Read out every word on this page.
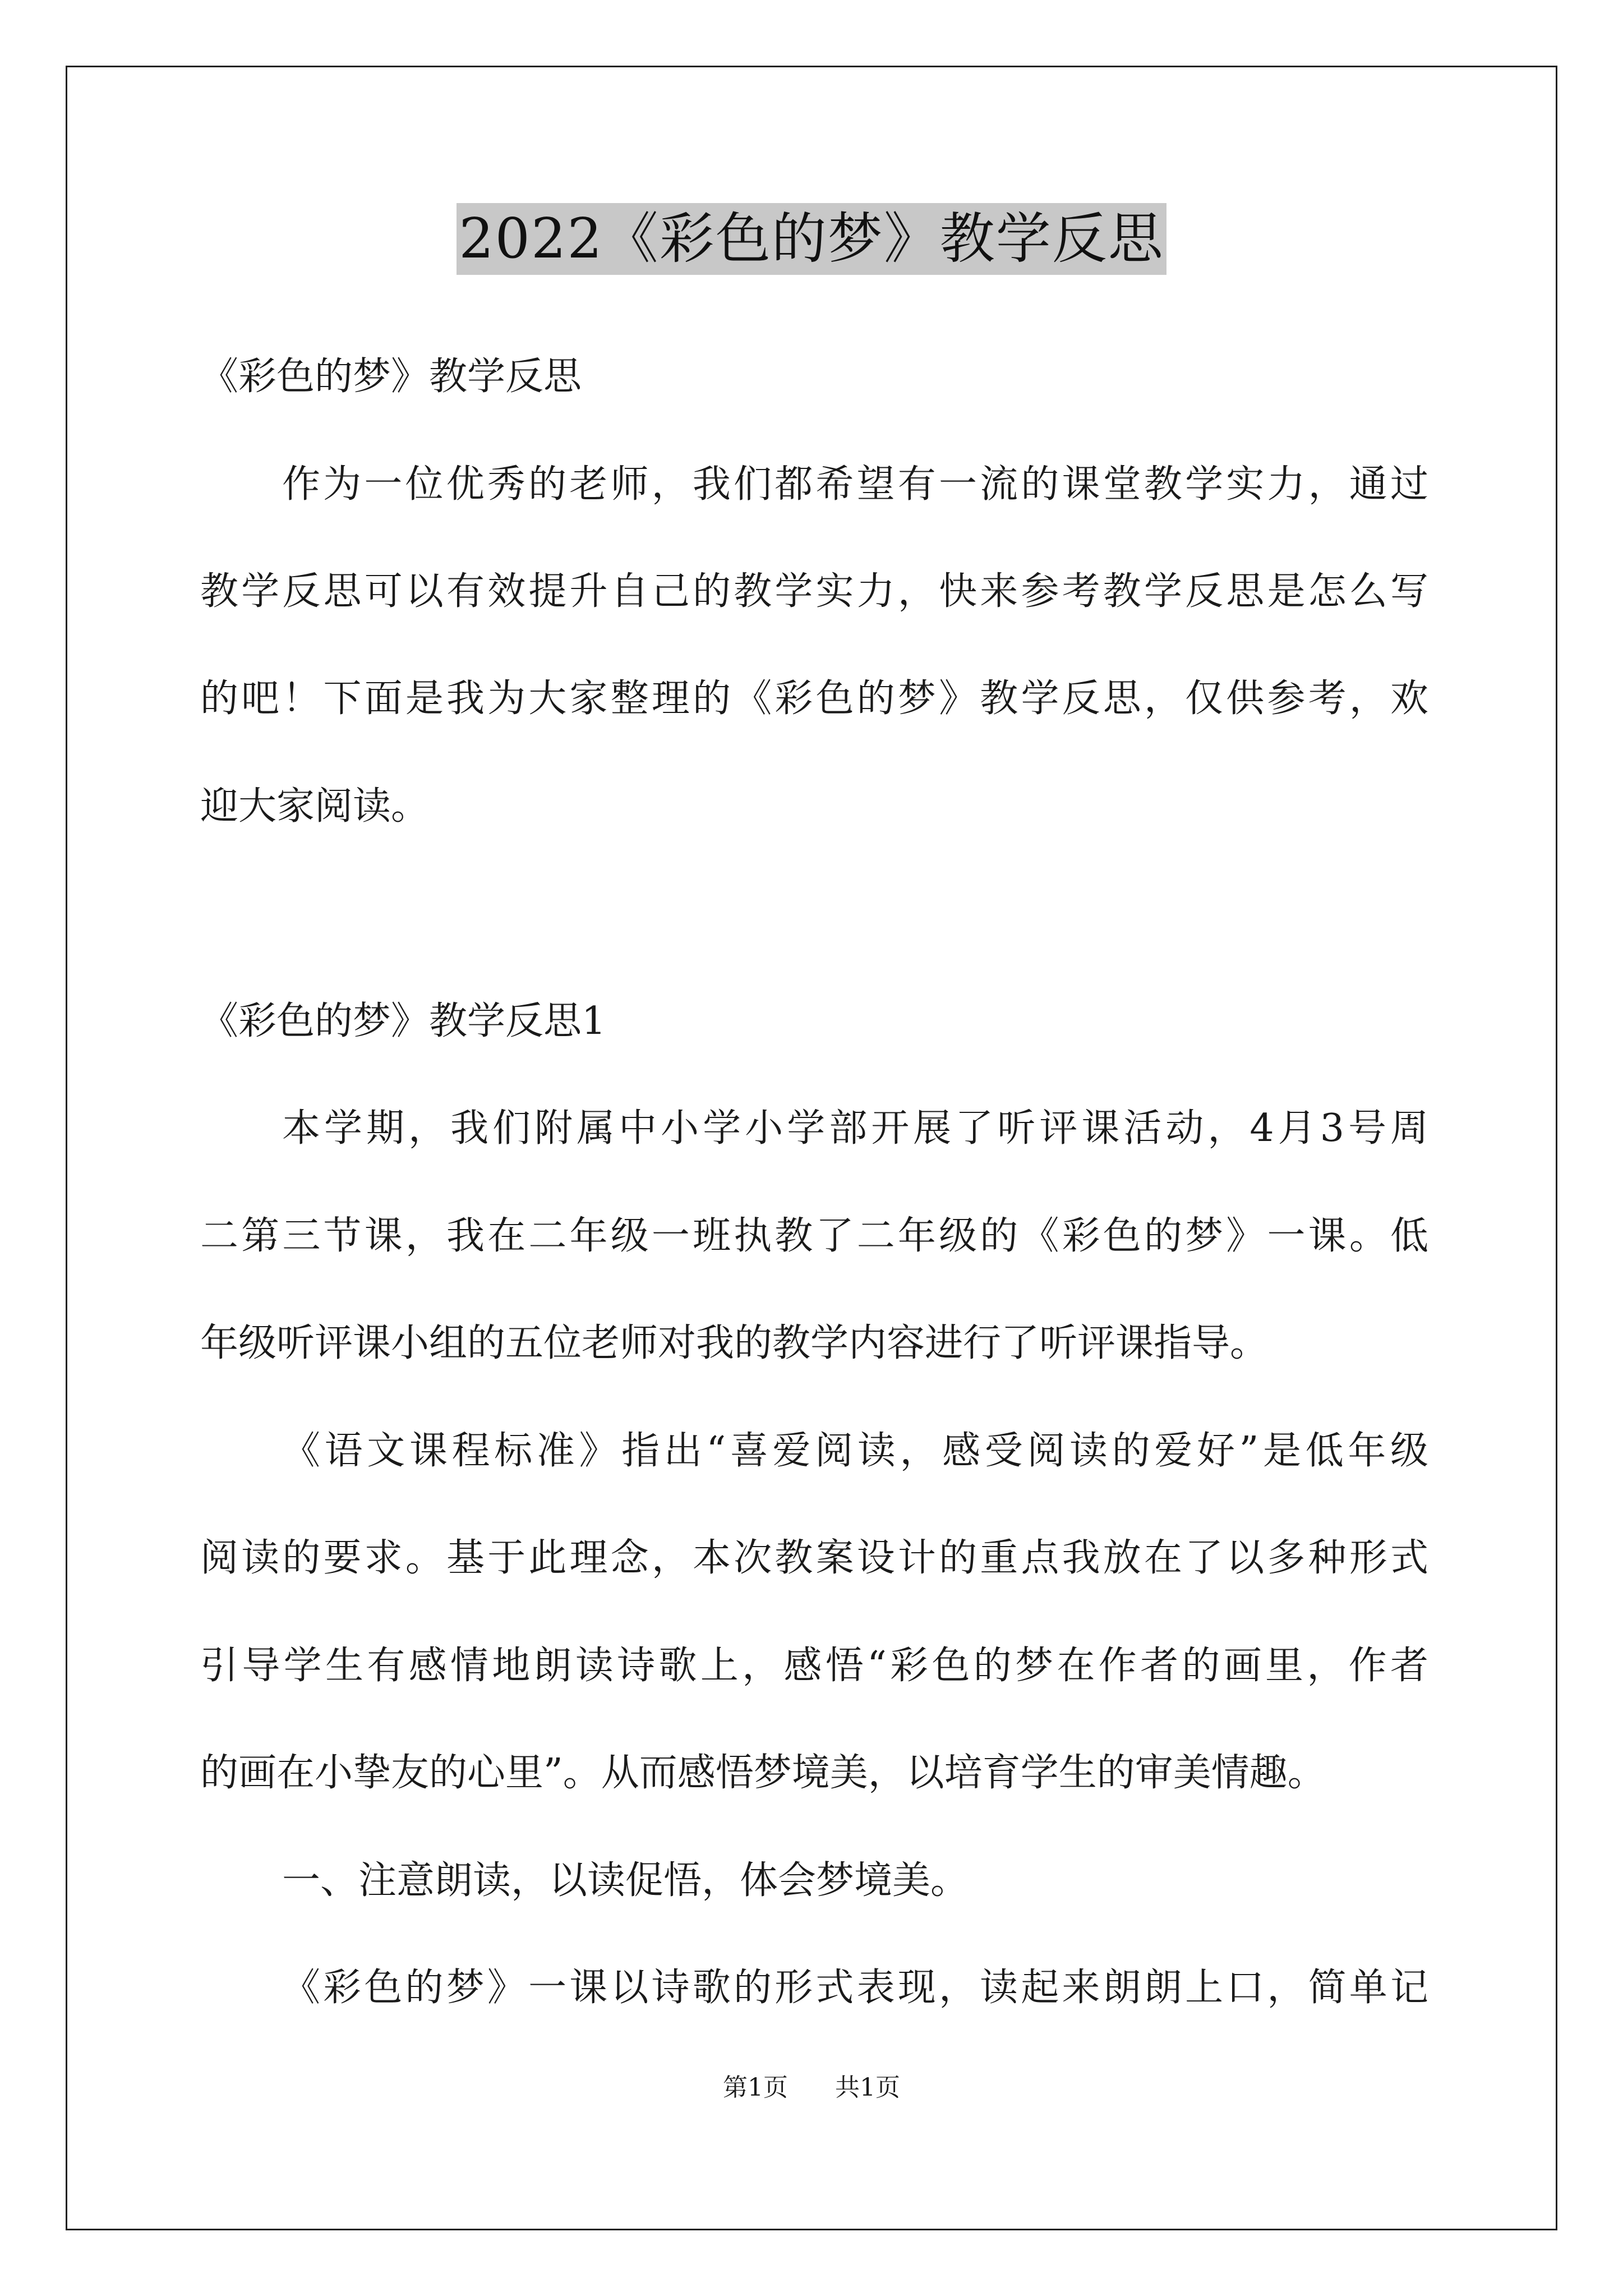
2022《彩色的梦》教学反思
《彩色的梦》教学反思
作为一位优秀的老师，我们都希望有一流的课堂教学实力，通过
教学反思可以有效提升自己的教学实力，快来参考教学反思是怎么写
的吧！下面是我为大家整理的《彩色的梦》教学反思，仅供参考，欢
迎大家阅读。
《彩色的梦》教学反思1
本学期，我们附属中小学小学部开展了听评课活动，4月3号周
二第三节课，我在二年级一班执教了二年级的《彩色的梦》一课。低
年级听评课小组的五位老师对我的教学内容进行了听评课指导。
《语文课程标准》指出“喜爱阅读，感受阅读的爱好”是低年级
阅读的要求。基于此理念，本次教案设计的重点我放在了以多种形式
引导学生有感情地朗读诗歌上，感悟“彩色的梦在作者的画里，作者
的画在小挚友的心里”。从而感悟梦境美，以培育学生的审美情趣。
一、注意朗读，以读促悟，体会梦境美。
《彩色的梦》一课以诗歌的形式表现，读起来朗朗上口，简单记
第1页 共1页
